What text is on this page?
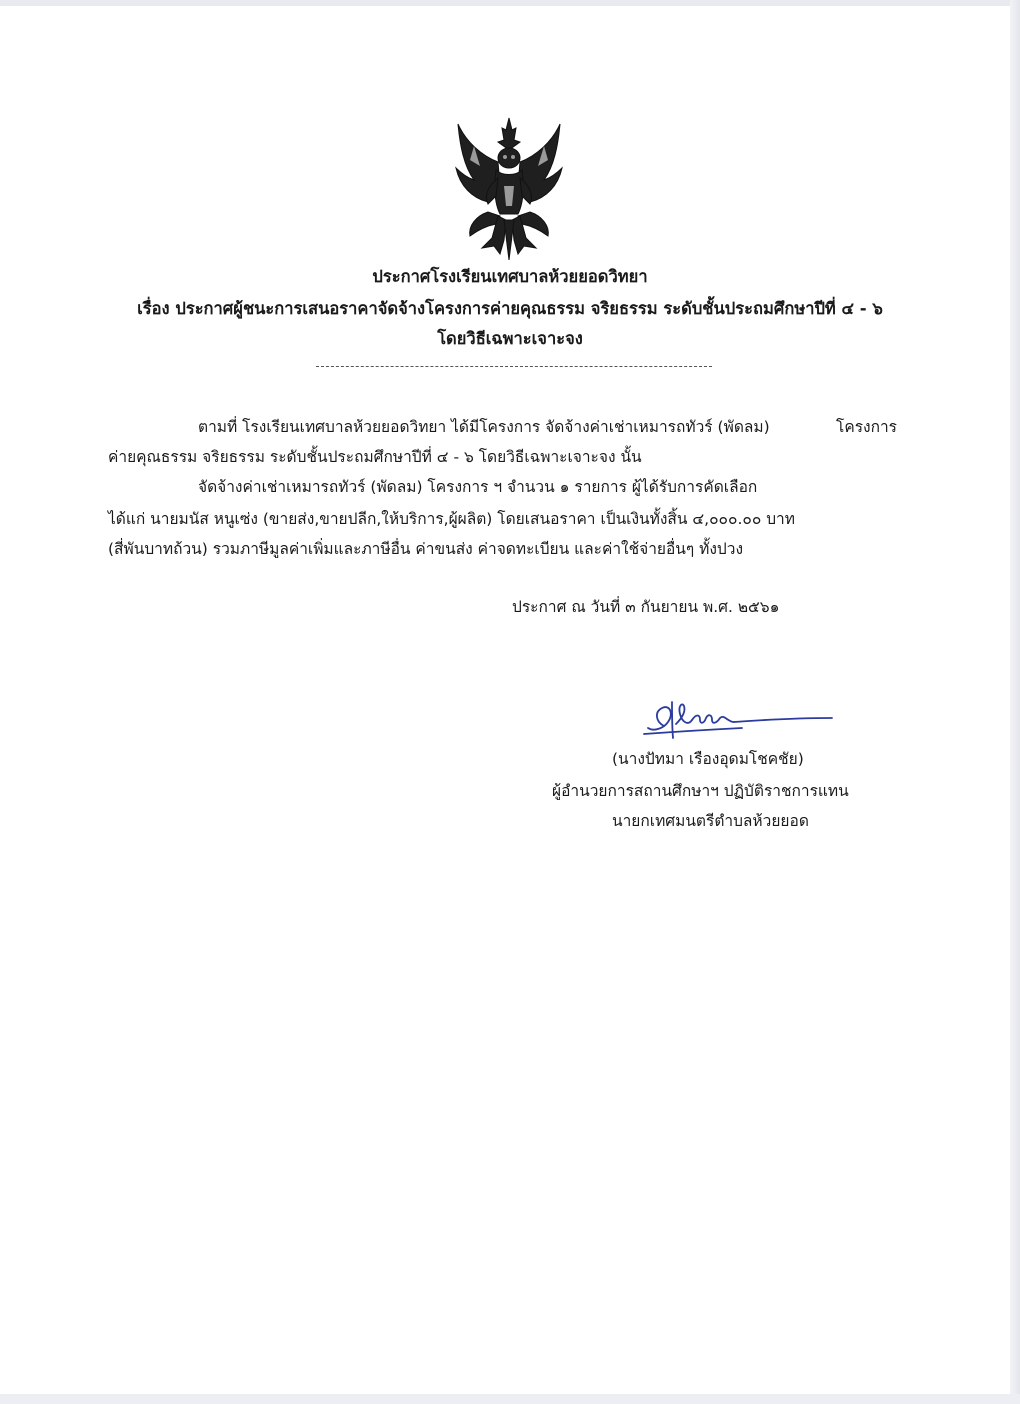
ประกาศโรงเรียนเทศบาลห้วยยอดวิทยา
เรื่อง ประกาศผู้ชนะการเสนอราคาจัดจ้างโครงการค่ายคุณธรรม จริยธรรม ระดับชั้นประถมศึกษาปีที่ ๔ - ๖
โดยวิธีเฉพาะเจาะจง
ตามที่ โรงเรียนเทศบาลห้วยยอดวิทยา ได้มีโครงการ จัดจ้างค่าเช่าเหมารถทัวร์ (พัดลม)	โครงการ
ค่ายคุณธรรม จริยธรรม ระดับชั้นประถมศึกษาปีที่ ๔ - ๖ โดยวิธีเฉพาะเจาะจง นั้น
จัดจ้างค่าเช่าเหมารถทัวร์ (พัดลม) โครงการ ฯ จำนวน ๑ รายการ ผู้ได้รับการคัดเลือก
ได้แก่ นายมนัส หนูเซ่ง (ขายส่ง,ขายปลีก,ให้บริการ,ผู้ผลิต) โดยเสนอราคา เป็นเงินทั้งสิ้น ๔,๐๐๐.๐๐ บาท
(สี่พันบาทถ้วน) รวมภาษีมูลค่าเพิ่มและภาษีอื่น ค่าขนส่ง ค่าจดทะเบียน และค่าใช้จ่ายอื่นๆ ทั้งปวง
ประกาศ ณ วันที่ ๓ กันยายน พ.ศ. ๒๕๖๑
(นางปัทมา เรืองอุดมโชคชัย)
ผู้อำนวยการสถานศึกษาฯ ปฏิบัติราชการแทน
นายกเทศมนตรีตำบลห้วยยอด
